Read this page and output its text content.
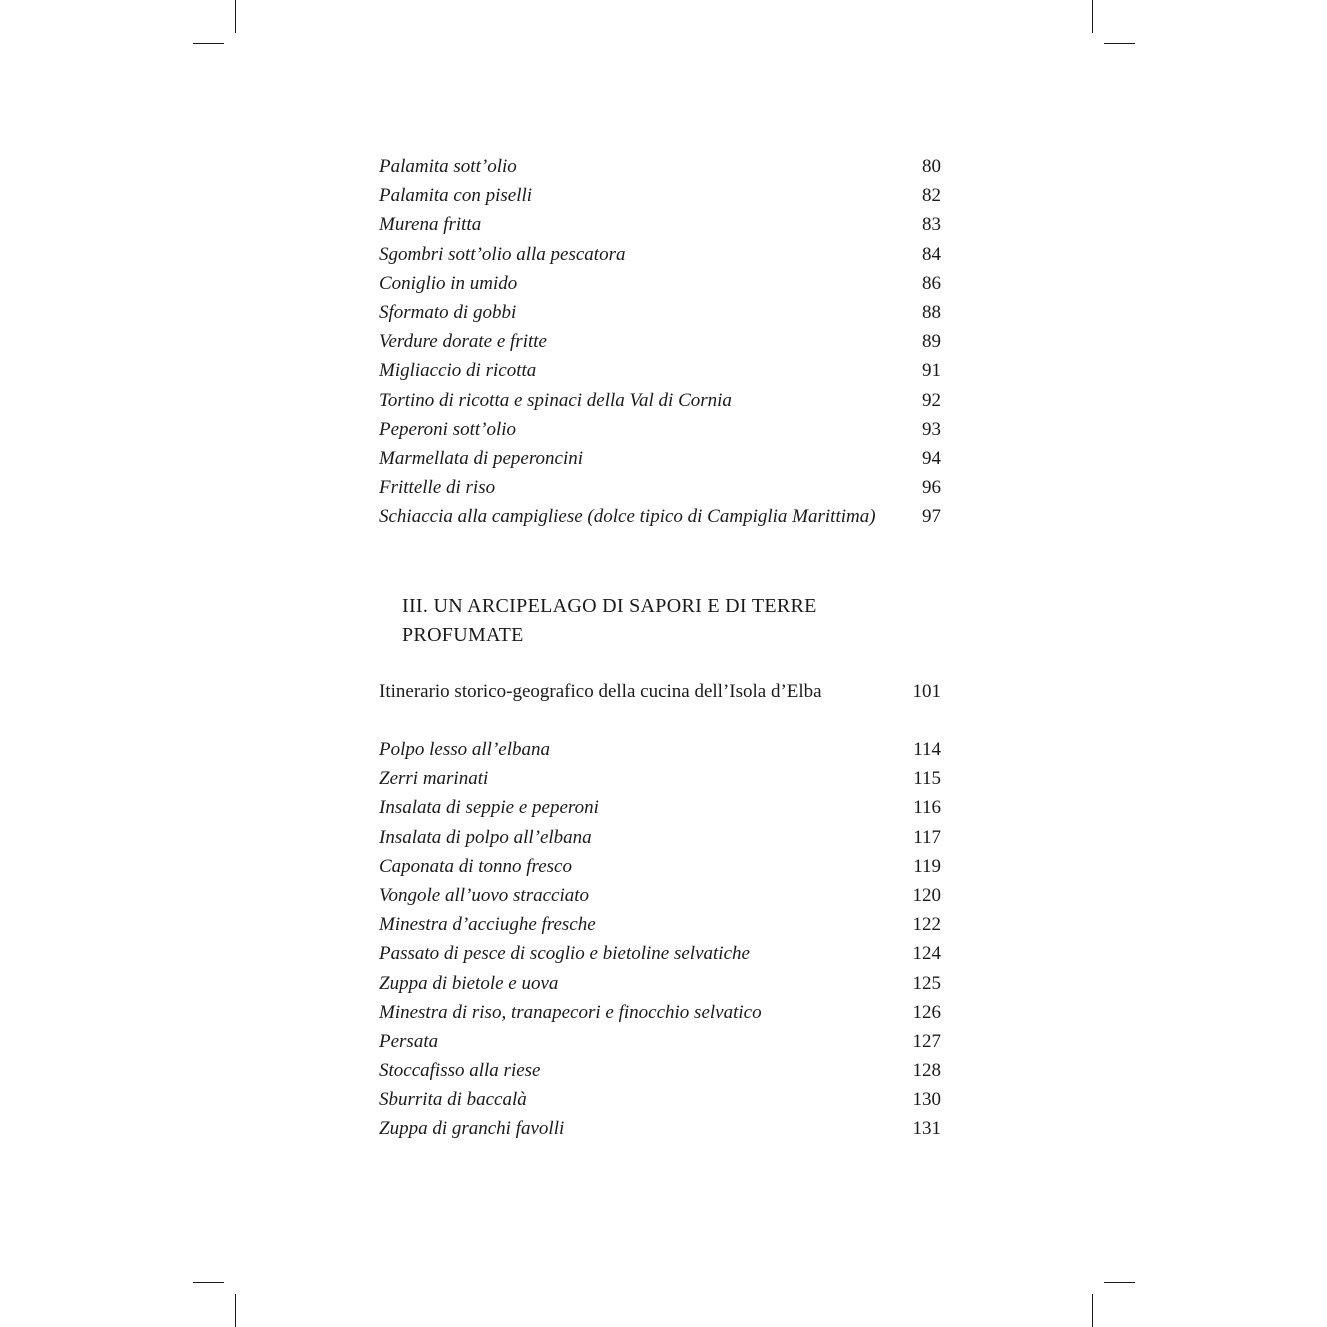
Palamita sott’olio	80
Palamita con piselli	82
Murena fritta	83
Sgombri sott’olio alla pescatora	84
Coniglio in umido	86
Sformato di gobbi	88
Verdure dorate e fritte	89
Migliaccio di ricotta	91
Tortino di ricotta e spinaci della Val di Cornia	92
Peperoni sott’olio	93
Marmellata di peperoncini	94
Frittelle di riso	96
Schiaccia alla campigliese (dolce tipico di Campiglia Marittima) 97
III. UN ARCIPELAGO DI SAPORI E DI TERRE
PROFUMATE
Itinerario storico-geografico della cucina dell’Isola d’Elba	101
Polpo lesso all’elbana	114
Zerri marinati	115
Insalata di seppie e peperoni	116
Insalata di polpo all’elbana	117
Caponata di tonno fresco	119
Vongole all’uovo stracciato	120
Minestra d’acciughe fresche	122
Passato di pesce di scoglio e bietoline selvatiche	124
Zuppa di bietole e uova	125
Minestra di riso, tranapecori e finocchio selvatico	126
Persata	127
Stoccafisso alla riese	128
Sburrita di baccalà	130
Zuppa di granchi favolli	131
